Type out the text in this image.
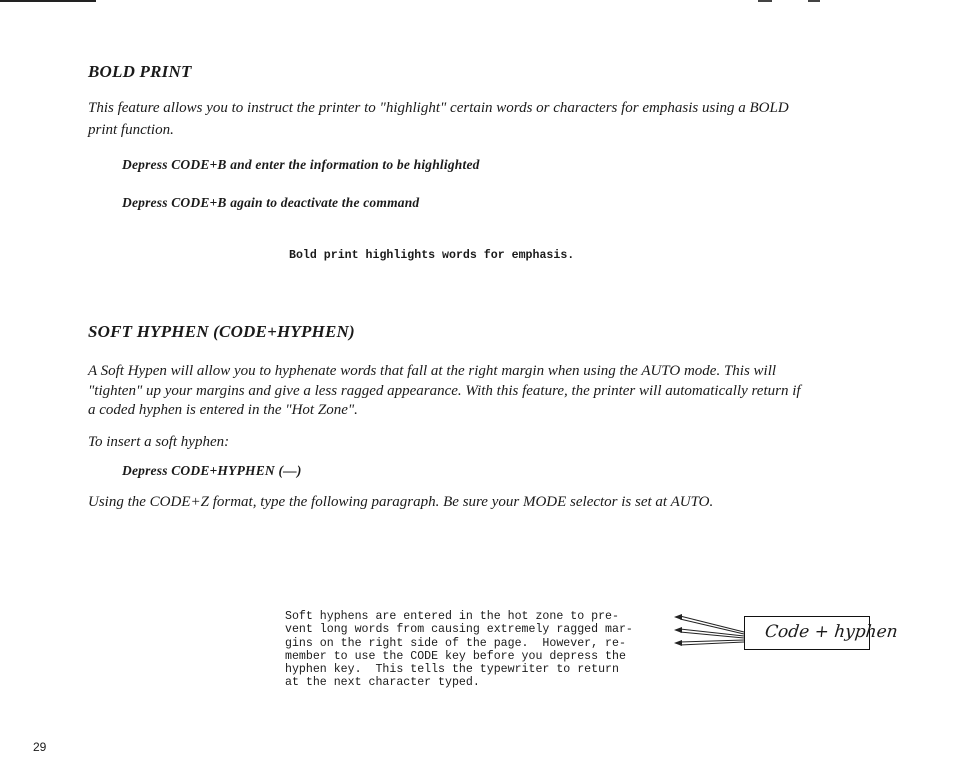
BOLD PRINT
This feature allows you to instruct the printer to "highlight" certain words or characters for emphasis using a BOLD
print function.
Depress CODE+B and enter the information to be highlighted
Depress CODE+B again to deactivate the command
Bold print highlights words for emphasis.
SOFT HYPHEN (CODE+HYPHEN)
A Soft Hypen will allow you to hyphenate words that fall at the right margin when using the AUTO mode. This will
"tighten" up your margins and give a less ragged appearance. With this feature, the printer will automatically return if
a coded hyphen is entered in the "Hot Zone".
To insert a soft hyphen:
Depress CODE+HYPHEN (—)
Using the CODE+Z format, type the following paragraph. Be sure your MODE selector is set at AUTO.
Soft hyphens are entered in the hot zone to pre-
vent long words from causing extremely ragged mar-
gins on the right side of the page.  However, re-
member to use the CODE key before you depress the
hyphen key.  This tells the typewriter to return
at the next character typed.
Code + hyphen
29
